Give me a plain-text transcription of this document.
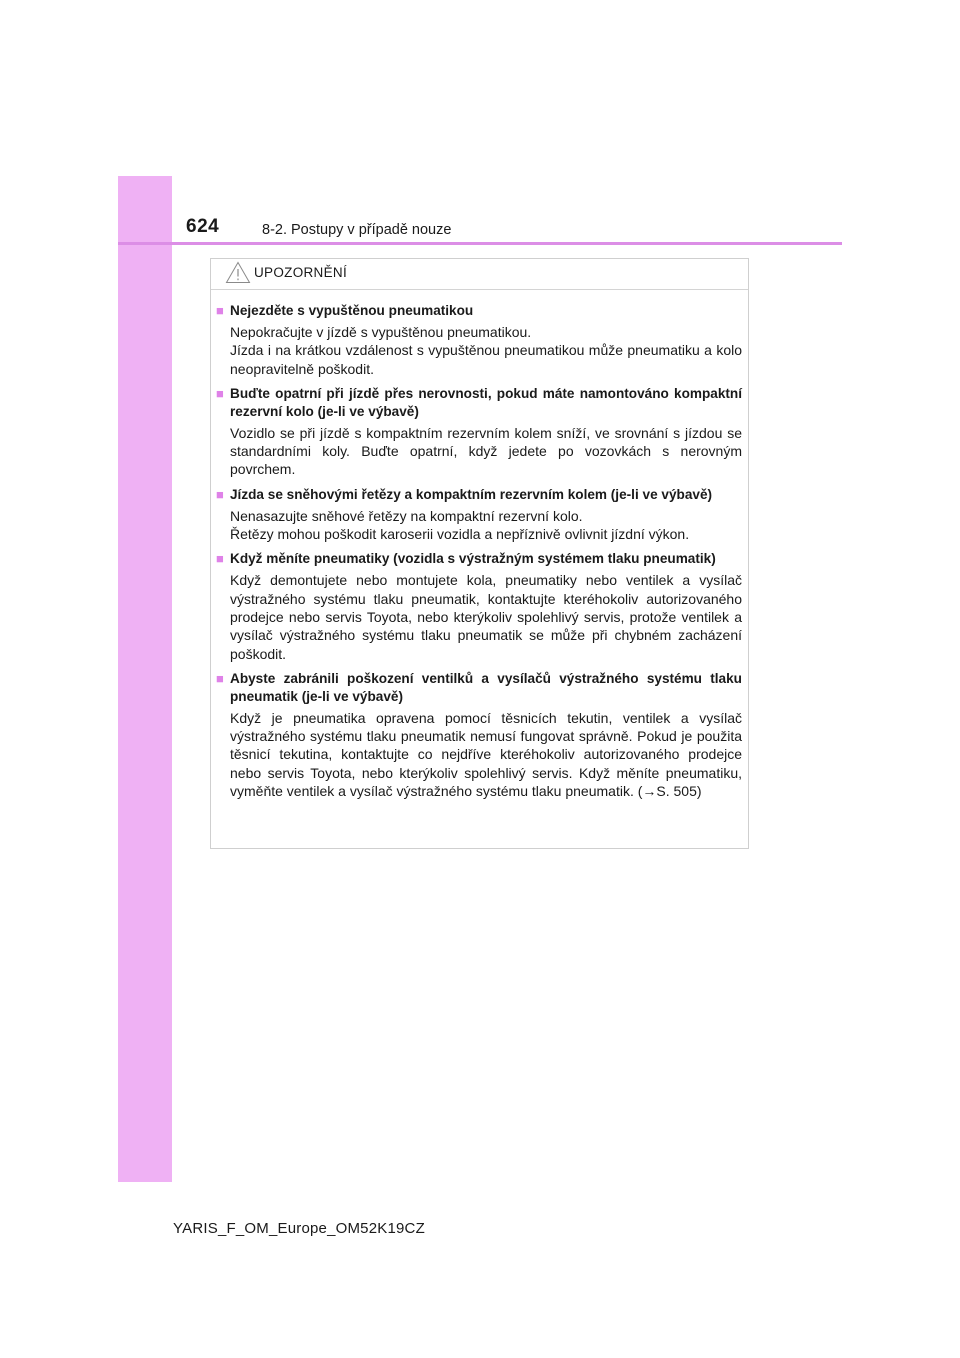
624	8-2. Postupy v případě nouze
UPOZORNĚNÍ
■ Nejezděte s vypuštěnou pneumatikou
Nepokračujte v jízdě s vypuštěnou pneumatikou.
Jízda i na krátkou vzdálenost s vypuštěnou pneumatikou může pneumatiku a kolo neopravitelně poškodit.
■ Buďte opatrní při jízdě přes nerovnosti, pokud máte namontováno kompaktní rezervní kolo (je-li ve výbavě)
Vozidlo se při jízdě s kompaktním rezervním kolem sníží, ve srovnání s jízdou se standardními koly. Buďte opatrní, když jedete po vozovkách s nerovným povrchem.
■ Jízda se sněhovými řetězy a kompaktním rezervním kolem (je-li ve výbavě)
Nenasazujte sněhové řetězy na kompaktní rezervní kolo.
Řetězy mohou poškodit karoserii vozidla a nepříznivě ovlivnit jízdní výkon.
■ Když měníte pneumatiky (vozidla s výstražným systémem tlaku pneumatik)
Když demontujete nebo montujete kola, pneumatiky nebo ventilek a vysílač výstražného systému tlaku pneumatik, kontaktujte kteréhokoliv autorizovaného prodejce nebo servis Toyota, nebo kterýkoliv spolehlivý servis, protože ventilek a vysílač výstražného systému tlaku pneumatik se může při chybném zacházení poškodit.
■ Abyste zabránili poškození ventilků a vysílačů výstražného systému tlaku pneumatik (je-li ve výbavě)
Když je pneumatika opravena pomocí těsnicích tekutin, ventilek a vysílač výstražného systému tlaku pneumatik nemusí fungovat správně. Pokud je použita těsnicí tekutina, kontaktujte co nejdříve kteréhokoliv autorizovaného prodejce nebo servis Toyota, nebo kterýkoliv spolehlivý servis. Když měníte pneumatiku, vyměňte ventilek a vysílač výstražného systému tlaku pneumatik. (→S. 505)
YARIS_F_OM_Europe_OM52K19CZ
